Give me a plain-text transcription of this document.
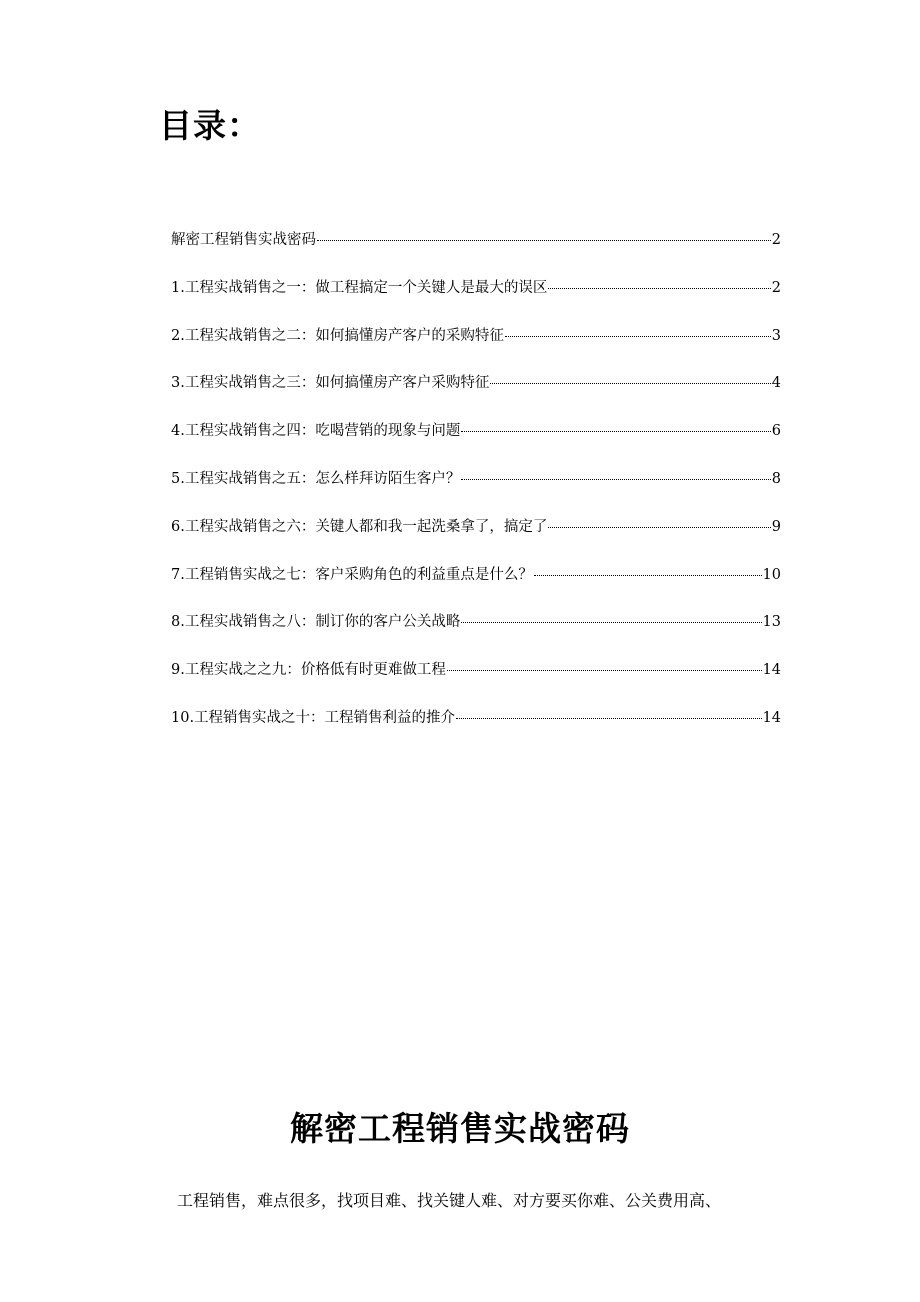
目录：
解密工程销售实战密码	2
1.工程实战销售之一：做工程搞定一个关键人是最大的误区	2
2.工程实战销售之二：如何搞懂房产客户的采购特征	3
3.工程实战销售之三：如何搞懂房产客户采购特征	4
4.工程实战销售之四：吃喝营销的现象与问题	6
5.工程实战销售之五：怎么样拜访陌生客户？	8
6.工程实战销售之六：关键人都和我一起洗桑拿了，搞定了	9
7.工程销售实战之七：客户采购角色的利益重点是什么？	10
8.工程实战销售之八：制订你的客户公关战略	13
9.工程实战之之九：价格低有时更难做工程	14
10.工程销售实战之十：工程销售利益的推介	14
解密工程销售实战密码

工程销售，难点很多，找项目难、找关键人难、对方要买你难、公关费用高、
